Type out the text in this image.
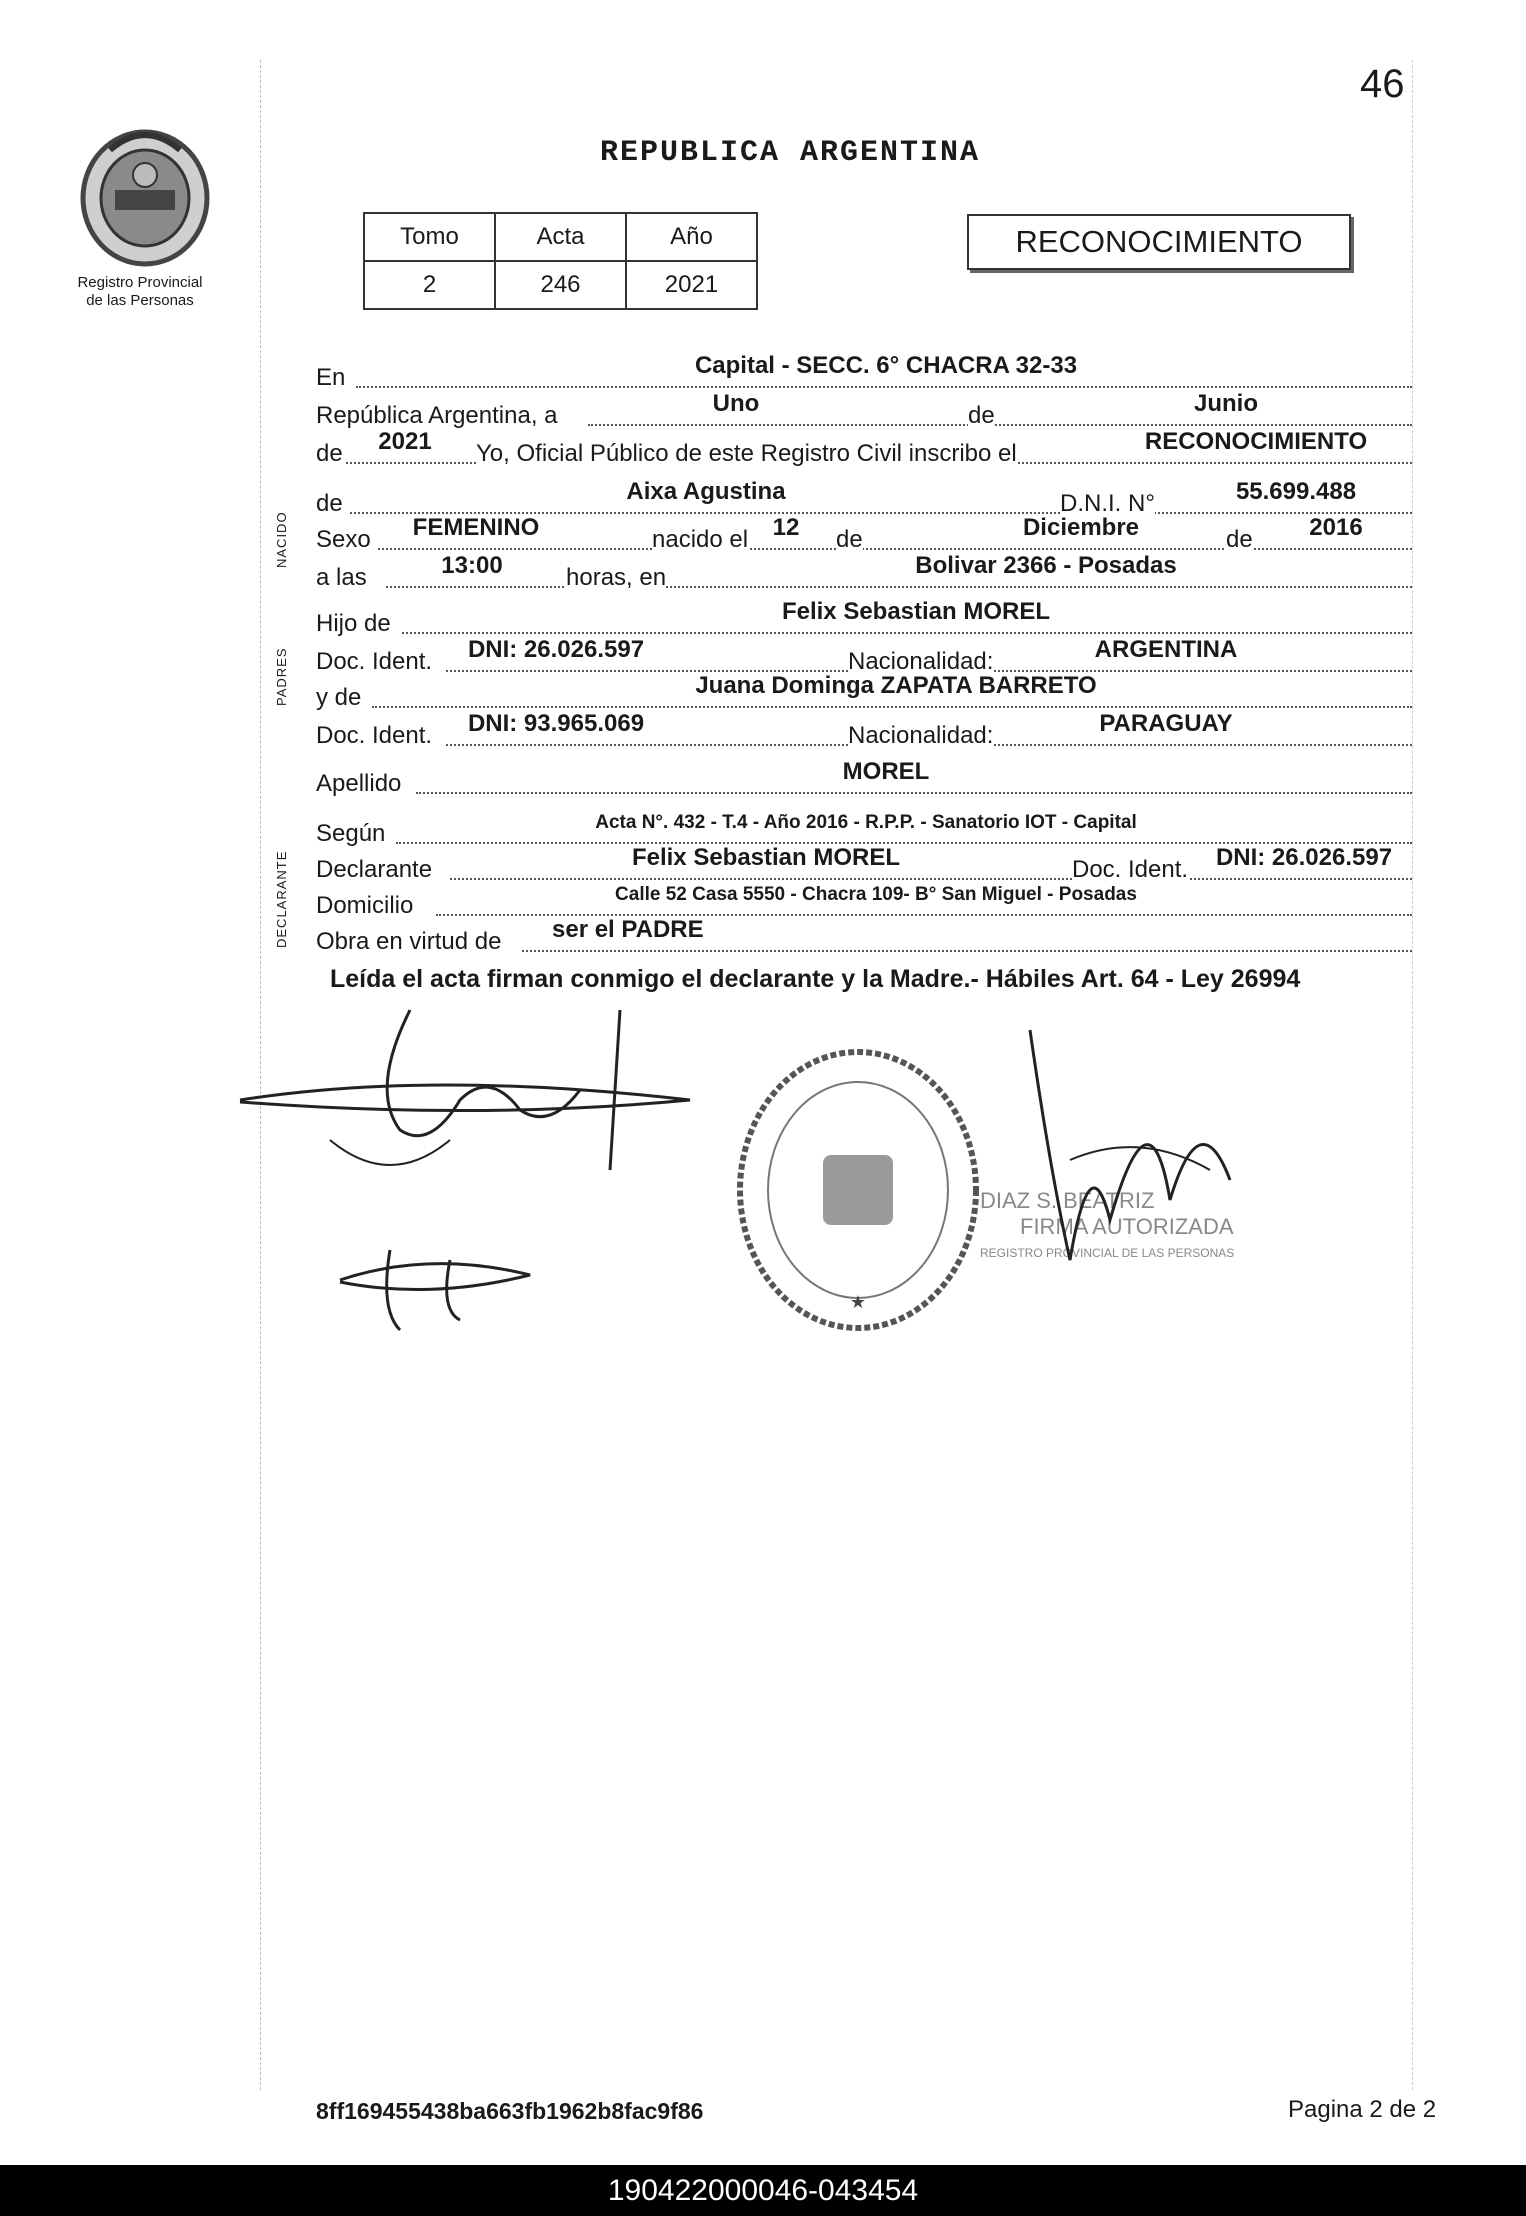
46
Registro Provincial
de las Personas
REPUBLICA ARGENTINA
Tomo	Acta	Año
2	246	2021
RECONOCIMIENTO
NACIDO
PADRES
DECLARANTE
En	Capital - SECC. 6° CHACRA 32-33
República Argentina, a	Uno	de	Junio
de	2021	Yo, Oficial Público de este Registro Civil inscribo el	RECONOCIMIENTO
de	Aixa Agustina	D.N.I. N°	55.699.488
Sexo	FEMENINO	nacido el	12	de	Diciembre	de	2016
a las	13:00	horas, en	Bolivar 2366 - Posadas
Hijo de	Felix Sebastian MOREL
Doc. Ident.	DNI: 26.026.597	Nacionalidad:	ARGENTINA
y de	Juana Dominga ZAPATA BARRETO
Doc. Ident.	DNI: 93.965.069	Nacionalidad:	PARAGUAY
Apellido	MOREL
Según	Acta N°. 432 - T.4 - Año 2016 - R.P.P. - Sanatorio IOT - Capital
Declarante	Felix Sebastian MOREL	Doc. Ident.	DNI: 26.026.597
Domicilio	Calle 52 Casa 5550 - Chacra 109- B° San Miguel - Posadas
Obra en virtud de ser el PADRE
Leída el acta firman conmigo el declarante y la Madre.- Hábiles Art. 64 - Ley 26994
★
DIAZ S. BEATRIZ
FIRMA AUTORIZADA
REGISTRO PROVINCIAL DE LAS PERSONAS
8ff169455438ba663fb1962b8fac9f86	Pagina 2 de 2
190422000046-043454
